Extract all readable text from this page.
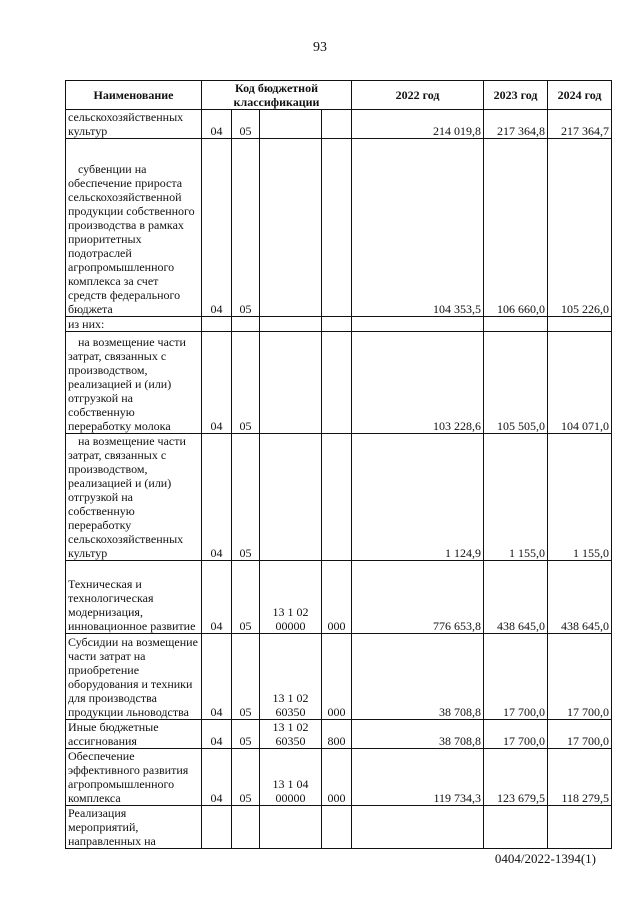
93
Наименование	Код бюджетной классификации				2022 год	2023 год	2024 год
сельскохозяйственных культур	04	05			214 019,8	217 364,8	217 364,7
субвенции на обеспечение прироста сельскохозяйственной продукции собственного производства в рамках приоритетных подотраслей агропромышленного комплекса за счет средств федерального бюджета	04	05			104 353,5	106 660,0	105 226,0
из них:							
на возмещение части затрат, связанных с производством, реализацией и (или) отгрузкой на собственную переработку молока	04	05			103 228,6	105 505,0	104 071,0
на возмещение части затрат, связанных с производством, реализацией и (или) отгрузкой на собственную переработку сельскохозяйственных культур	04	05			1 124,9	1 155,0	1 155,0
Техническая и технологическая модернизация, инновационное развитие	04	05	13 1 02 00000	000	776 653,8	438 645,0	438 645,0
Субсидии на возмещение части затрат на приобретение оборудования и техники для производства продукции льноводства	04	05	13 1 02 60350	000	38 708,8	17 700,0	17 700,0
Иные бюджетные ассигнования	04	05	13 1 02 60350	800	38 708,8	17 700,0	17 700,0
Обеспечение эффективного развития агропромышленного комплекса	04	05	13 1 04 00000	000	119 734,3	123 679,5	118 279,5
Реализация мероприятий, направленных на							
0404/2022-1394(1)
